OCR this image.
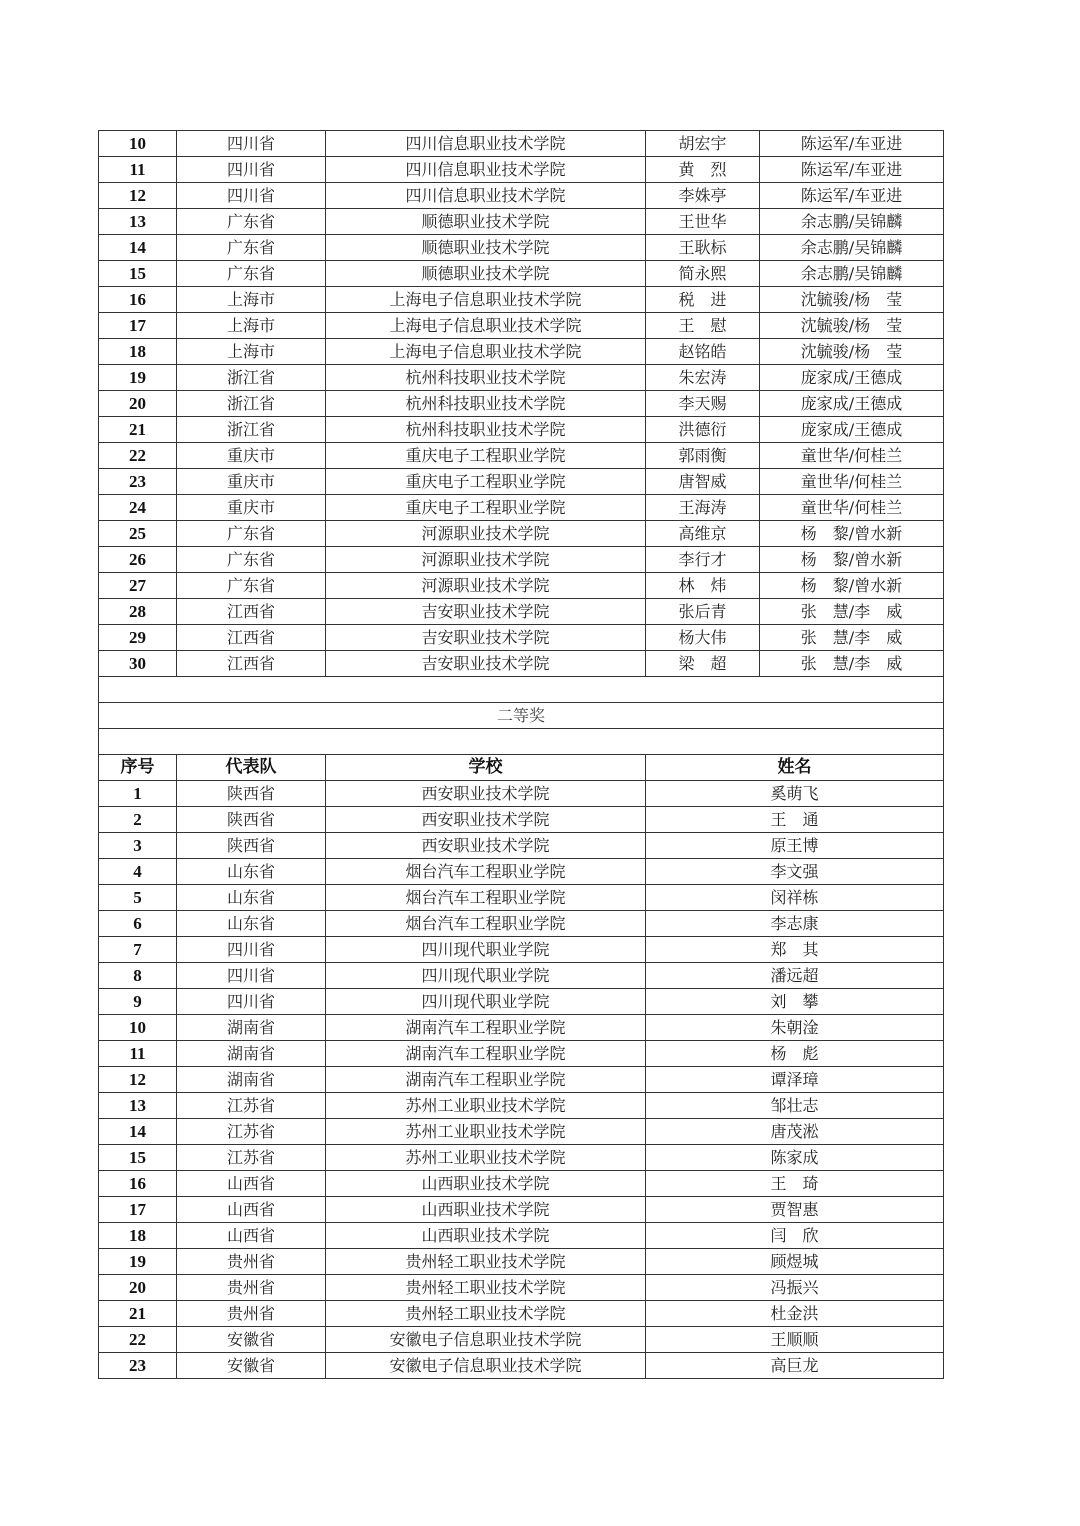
10	四川省	四川信息职业技术学院	胡宏宇	陈运军/车亚进
11	四川省	四川信息职业技术学院	黄　烈	陈运军/车亚进
12	四川省	四川信息职业技术学院	李姝亭	陈运军/车亚进
13	广东省	顺德职业技术学院	王世华	余志鹏/吴锦麟
14	广东省	顺德职业技术学院	王耿标	余志鹏/吴锦麟
15	广东省	顺德职业技术学院	简永熙	余志鹏/吴锦麟
16	上海市	上海电子信息职业技术学院	税　进	沈毓骏/杨　莹
17	上海市	上海电子信息职业技术学院	王　慰	沈毓骏/杨　莹
18	上海市	上海电子信息职业技术学院	赵铭皓	沈毓骏/杨　莹
19	浙江省	杭州科技职业技术学院	朱宏涛	庞家成/王德成
20	浙江省	杭州科技职业技术学院	李天赐	庞家成/王德成
21	浙江省	杭州科技职业技术学院	洪德衍	庞家成/王德成
22	重庆市	重庆电子工程职业学院	郭雨衡	童世华/何桂兰
23	重庆市	重庆电子工程职业学院	唐智威	童世华/何桂兰
24	重庆市	重庆电子工程职业学院	王海涛	童世华/何桂兰
25	广东省	河源职业技术学院	高维京	杨　黎/曾水新
26	广东省	河源职业技术学院	李行才	杨　黎/曾水新
27	广东省	河源职业技术学院	林　炜	杨　黎/曾水新
28	江西省	吉安职业技术学院	张后青	张　慧/李　威
29	江西省	吉安职业技术学院	杨大伟	张　慧/李　威
30	江西省	吉安职业技术学院	梁　超	张　慧/李　威

二等奖				

序号	代表队	学校	姓名	
1	陕西省	西安职业技术学院	奚萌飞	
2	陕西省	西安职业技术学院	王　通	
3	陕西省	西安职业技术学院	原王博	
4	山东省	烟台汽车工程职业学院	李文强	
5	山东省	烟台汽车工程职业学院	闵祥栋	
6	山东省	烟台汽车工程职业学院	李志康	
7	四川省	四川现代职业学院	郑　其	
8	四川省	四川现代职业学院	潘远超	
9	四川省	四川现代职业学院	刘　攀	
10	湖南省	湖南汽车工程职业学院	朱朝淦	
11	湖南省	湖南汽车工程职业学院	杨　彪	
12	湖南省	湖南汽车工程职业学院	谭泽璋	
13	江苏省	苏州工业职业技术学院	邹壮志	
14	江苏省	苏州工业职业技术学院	唐茂淞	
15	江苏省	苏州工业职业技术学院	陈家成	
16	山西省	山西职业技术学院	王　琦	
17	山西省	山西职业技术学院	贾智惠	
18	山西省	山西职业技术学院	闫　欣	
19	贵州省	贵州轻工职业技术学院	顾煜城	
20	贵州省	贵州轻工职业技术学院	冯振兴	
21	贵州省	贵州轻工职业技术学院	杜金洪	
22	安徽省	安徽电子信息职业技术学院	王顺顺	
23	安徽省	安徽电子信息职业技术学院	高巨龙	
